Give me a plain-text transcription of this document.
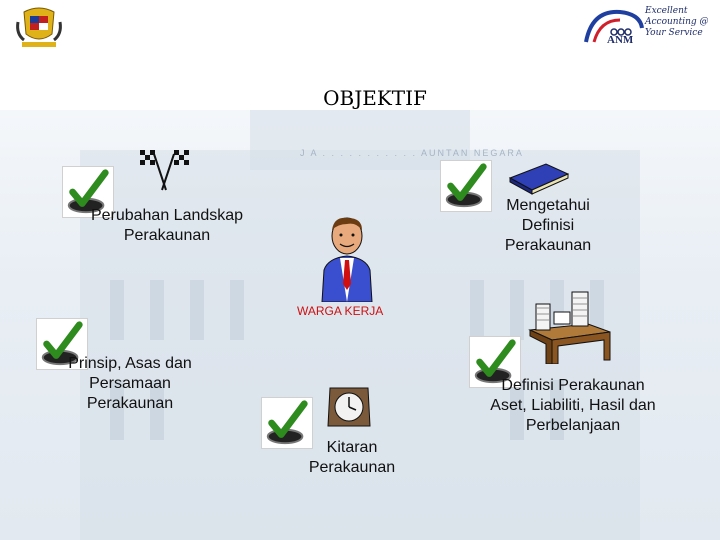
Excellent
Accounting @
Your Service
ANM
OBJEKTIF
J A . . . . . . . . . . . AUNTAN NEGARA
WARGA KERJA
Perubahan Landskap Perakaunan
Mengetahui Definisi Perakaunan
Prinsip, Asas dan Persamaan Perakaunan
Kitaran Perakaunan
Definisi Perakaunan Aset, Liabiliti, Hasil dan Perbelanjaan
